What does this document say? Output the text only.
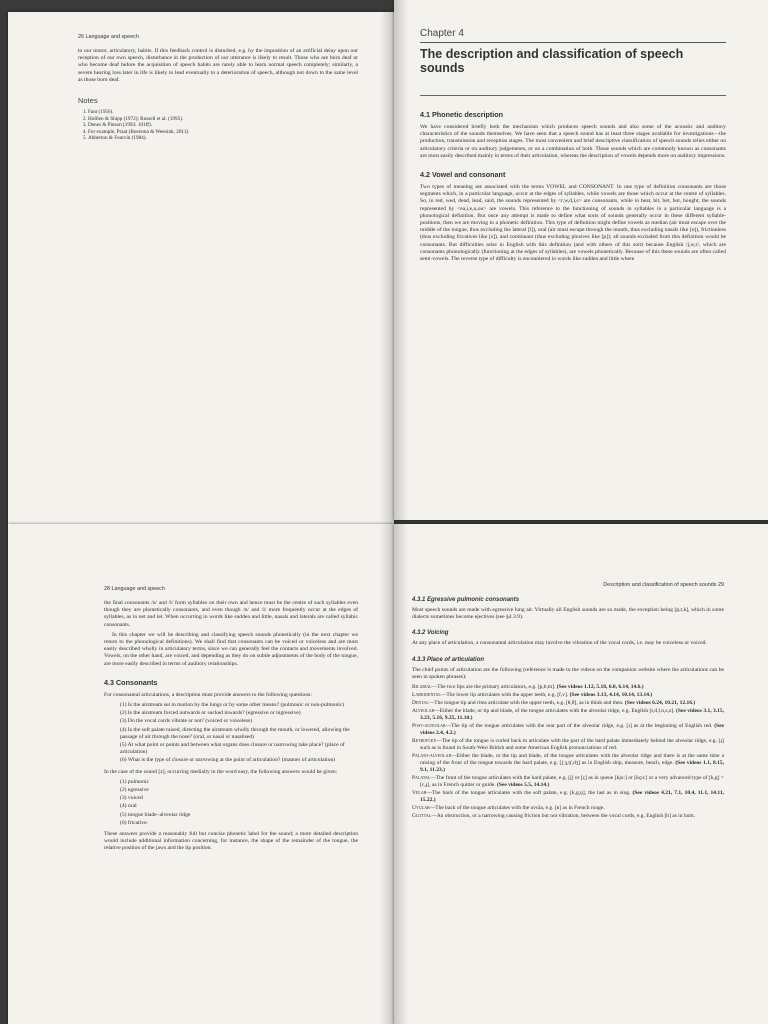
26 Language and speech

to our motor, articulatory, habits. If this feedback control is disturbed, e.g. by the imposition of an artificial delay upon our reception of our own speech, disturbance in the production of our utterance is likely to result. Those who are born deaf or who become deaf before the acquisition of speech habits are rarely able to learn normal speech completely; similarly, a severe hearing loss later in life is likely to lead eventually to a deterioration of speech, although not down to the same level as those born deaf.

Notes
1. Fant (1956).
2. Hollien & Shipp (1972); Russell et al. (1995).
3. Denes & Pinson (1993: 101ff).
4. For example, Praat (Boersma & Weenink, 2011).
5. Abberton & Fourcin (1984).
Chapter 4
The description and classification of speech sounds
4.1 Phonetic description

We have considered briefly both the mechanism which produces speech sounds and also some of the acoustic and auditory characteristics of the sounds themselves. We have seen that a speech sound has at least three stages available for investigations—the production, transmission and reception stages. The most convenient and brief descriptive classification of speech sounds relies either on articulatory criteria or on auditory judgements, or on a combination of both. Those sounds which are commonly known as consonants are most easily described mainly in terms of their articulation, whereas the description of vowels depends more on auditory impressions.

4.2 Vowel and consonant

Two types of meaning are associated with the terms VOWEL and CONSONANT. In one type of definition consonants are those segments which, in a particular language, occur at the edges of syllables, while vowels are those which occur at the centre of syllables. So, in red, wed, dead, lead, said, the sounds represented by <r,w,d,l,s> are consonants, while in beat, bit, bet, but, bought, the sounds represented by <ea,i,e,u,ou> are vowels. This reference to the functioning of sounds in syllables in a particular language is a phonological definition. But once any attempt is made to define what sorts of sounds generally occur in these different syllable-positions, then we are moving to a phonetic definition. This type of definition might define vowels as median (air must escape over the middle of the tongue, thus excluding the lateral [l]), oral (air must escape through the mouth, thus excluding nasals like [n]), frictionless (thus excluding fricatives like [s]), and continuant (thus excluding plosives like [p]); all sounds excluded from this definition would be consonants. But difficulties arise in English with this definition (and with others of this sort) because English /j,w,r/, which are consonants phonologically (functioning at the edges of syllables), are vowels phonetically. Because of this these sounds are often called semi-vowels. The reverse type of difficulty is encountered in words like sudden and little where

28 Language and speech

the final consonants /n/ and /l/ form syllables on their own and hence must be the centre of such syllables even though they are phonetically consonants, and even though /n/ and /l/ more frequently occur at the edges of syllables, as in net and let. When occurring in words like sudden and little, nasals and laterals are called syllabic consonants.

In this chapter we will be describing and classifying speech sounds phonetically (in the next chapter we return to the phonological definitions). We shall find that consonants can be voiced or voiceless and are most easily described wholly in articulatory terms, since we can generally feel the contacts and movements involved. Vowels, on the other hand, are voiced, and depending as they do on subtle adjustments of the body of the tongue, are more easily described in terms of auditory relationships.

4.3 Consonants

For consonantal articulations, a description must provide answers to the following questions:

(1) Is the airstream set in motion by the lungs or by some other means? (pulmonic or non-pulmonic)
(2) Is the airstream forced outwards or sucked inwards? (egressive or ingressive)
(3) Do the vocal cords vibrate or not? (voiced or voiceless)
(4) Is the soft palate raised, directing the airstream wholly through the mouth, or lowered, allowing the passage of air through the nose? (oral, or nasal or nasalised)
(5) At what point or points and between what organs does closure or narrowing take place? (place of articulation)
(6) What is the type of closure or narrowing at the point of articulation? (manner of articulation)

In the case of the sound [z], occurring medially in the word easy, the following answers would be given:

(1) pulmonic
(2) egressive
(3) voiced
(4) oral
(5) tongue blade–alveolar ridge
(6) fricative.

These answers provide a reasonably full but concise phonetic label for the sound; a more detailed description would include additional information concerning, for instance, the shape of the remainder of the tongue, the relative position of the jaws and the lip position.

Description and classification of speech sounds 29
4.3.1 Egressive pulmonic consonants

Most speech sounds are made with egressive lung air. Virtually all English sounds are so made, the exception being [p,t,k], which in some dialects sometimes become ejectives (see §4.3.9).

4.3.2 Voicing

At any place of articulation, a consonantal articulation may involve the vibration of the vocal cords, i.e. may be voiceless or voiced.

4.3.3 Place of articulation

The chief points of articulation are the following (reference is made to the videos on the companion website where the articulations can be seen in spoken phrases):

Bilabial—The two lips are the primary articulators, e.g. [p,b,m]. (See videos 1.12, 5.18, 6.0, 6.14, 14.6.)
Labiodental—The lower lip articulates with the upper teeth, e.g. [f,v]. (See videos 3.13, 4.14, 10.14, 13.14.)
Dental—The tongue tip and rims articulate with the upper teeth, e.g. [θ,ð], as in think and then. (See videos 6.24, 10.21, 12.16.)
Alveolar—Either the blade, or tip and blade, of the tongue articulates with the alveolar ridge, e.g. English [t,d,l,n,s,z]. (See videos 3.1, 3.15, 3.23, 5.16, 9.25, 11.10.)
Post-alveolar—The tip of the tongue articulates with the rear part of the alveolar ridge, e.g. [ɹ] as at the beginning of English red. (See videos 2.4, 4.2.)
Retroflex—The tip of the tongue is curled back to articulate with the part of the hard palate immediately behind the alveolar ridge, e.g. [ɻ] such as is found in South-West British and some American English pronunciations of red.
Palato-alveolar—Either the blade, or the tip and blade, of the tongue articulates with the alveolar ridge and there is at the same time a raising of the front of the tongue towards the hard palate, e.g. [ʃ,ʒ,tʃ,dʒ] as in English ship, measure, beach, edge. (See videos 1.1, 8.15, 9.1, 11.23.)
Palatal—The front of the tongue articulates with the hard palate, e.g. [j] or [ç] as in queue [kju:] or [kçu:] or a very advanced type of [k,g] = [c,ɟ], as in French quitter or guide. (See videos 5.5, 14.14.)
Velar—The back of the tongue articulates with the soft palate, e.g. [k,g,ŋ], the last as in sing. (See videos 4.21, 7.1, 10.4, 11.1, 14.11, 15.22.)
Uvular—The back of the tongue articulates with the uvula, e.g. [ʀ] as in French rouge.
Glottal—An obstruction, or a narrowing causing friction but not vibration, between the vocal cords, e.g. English [h] as in hum.
